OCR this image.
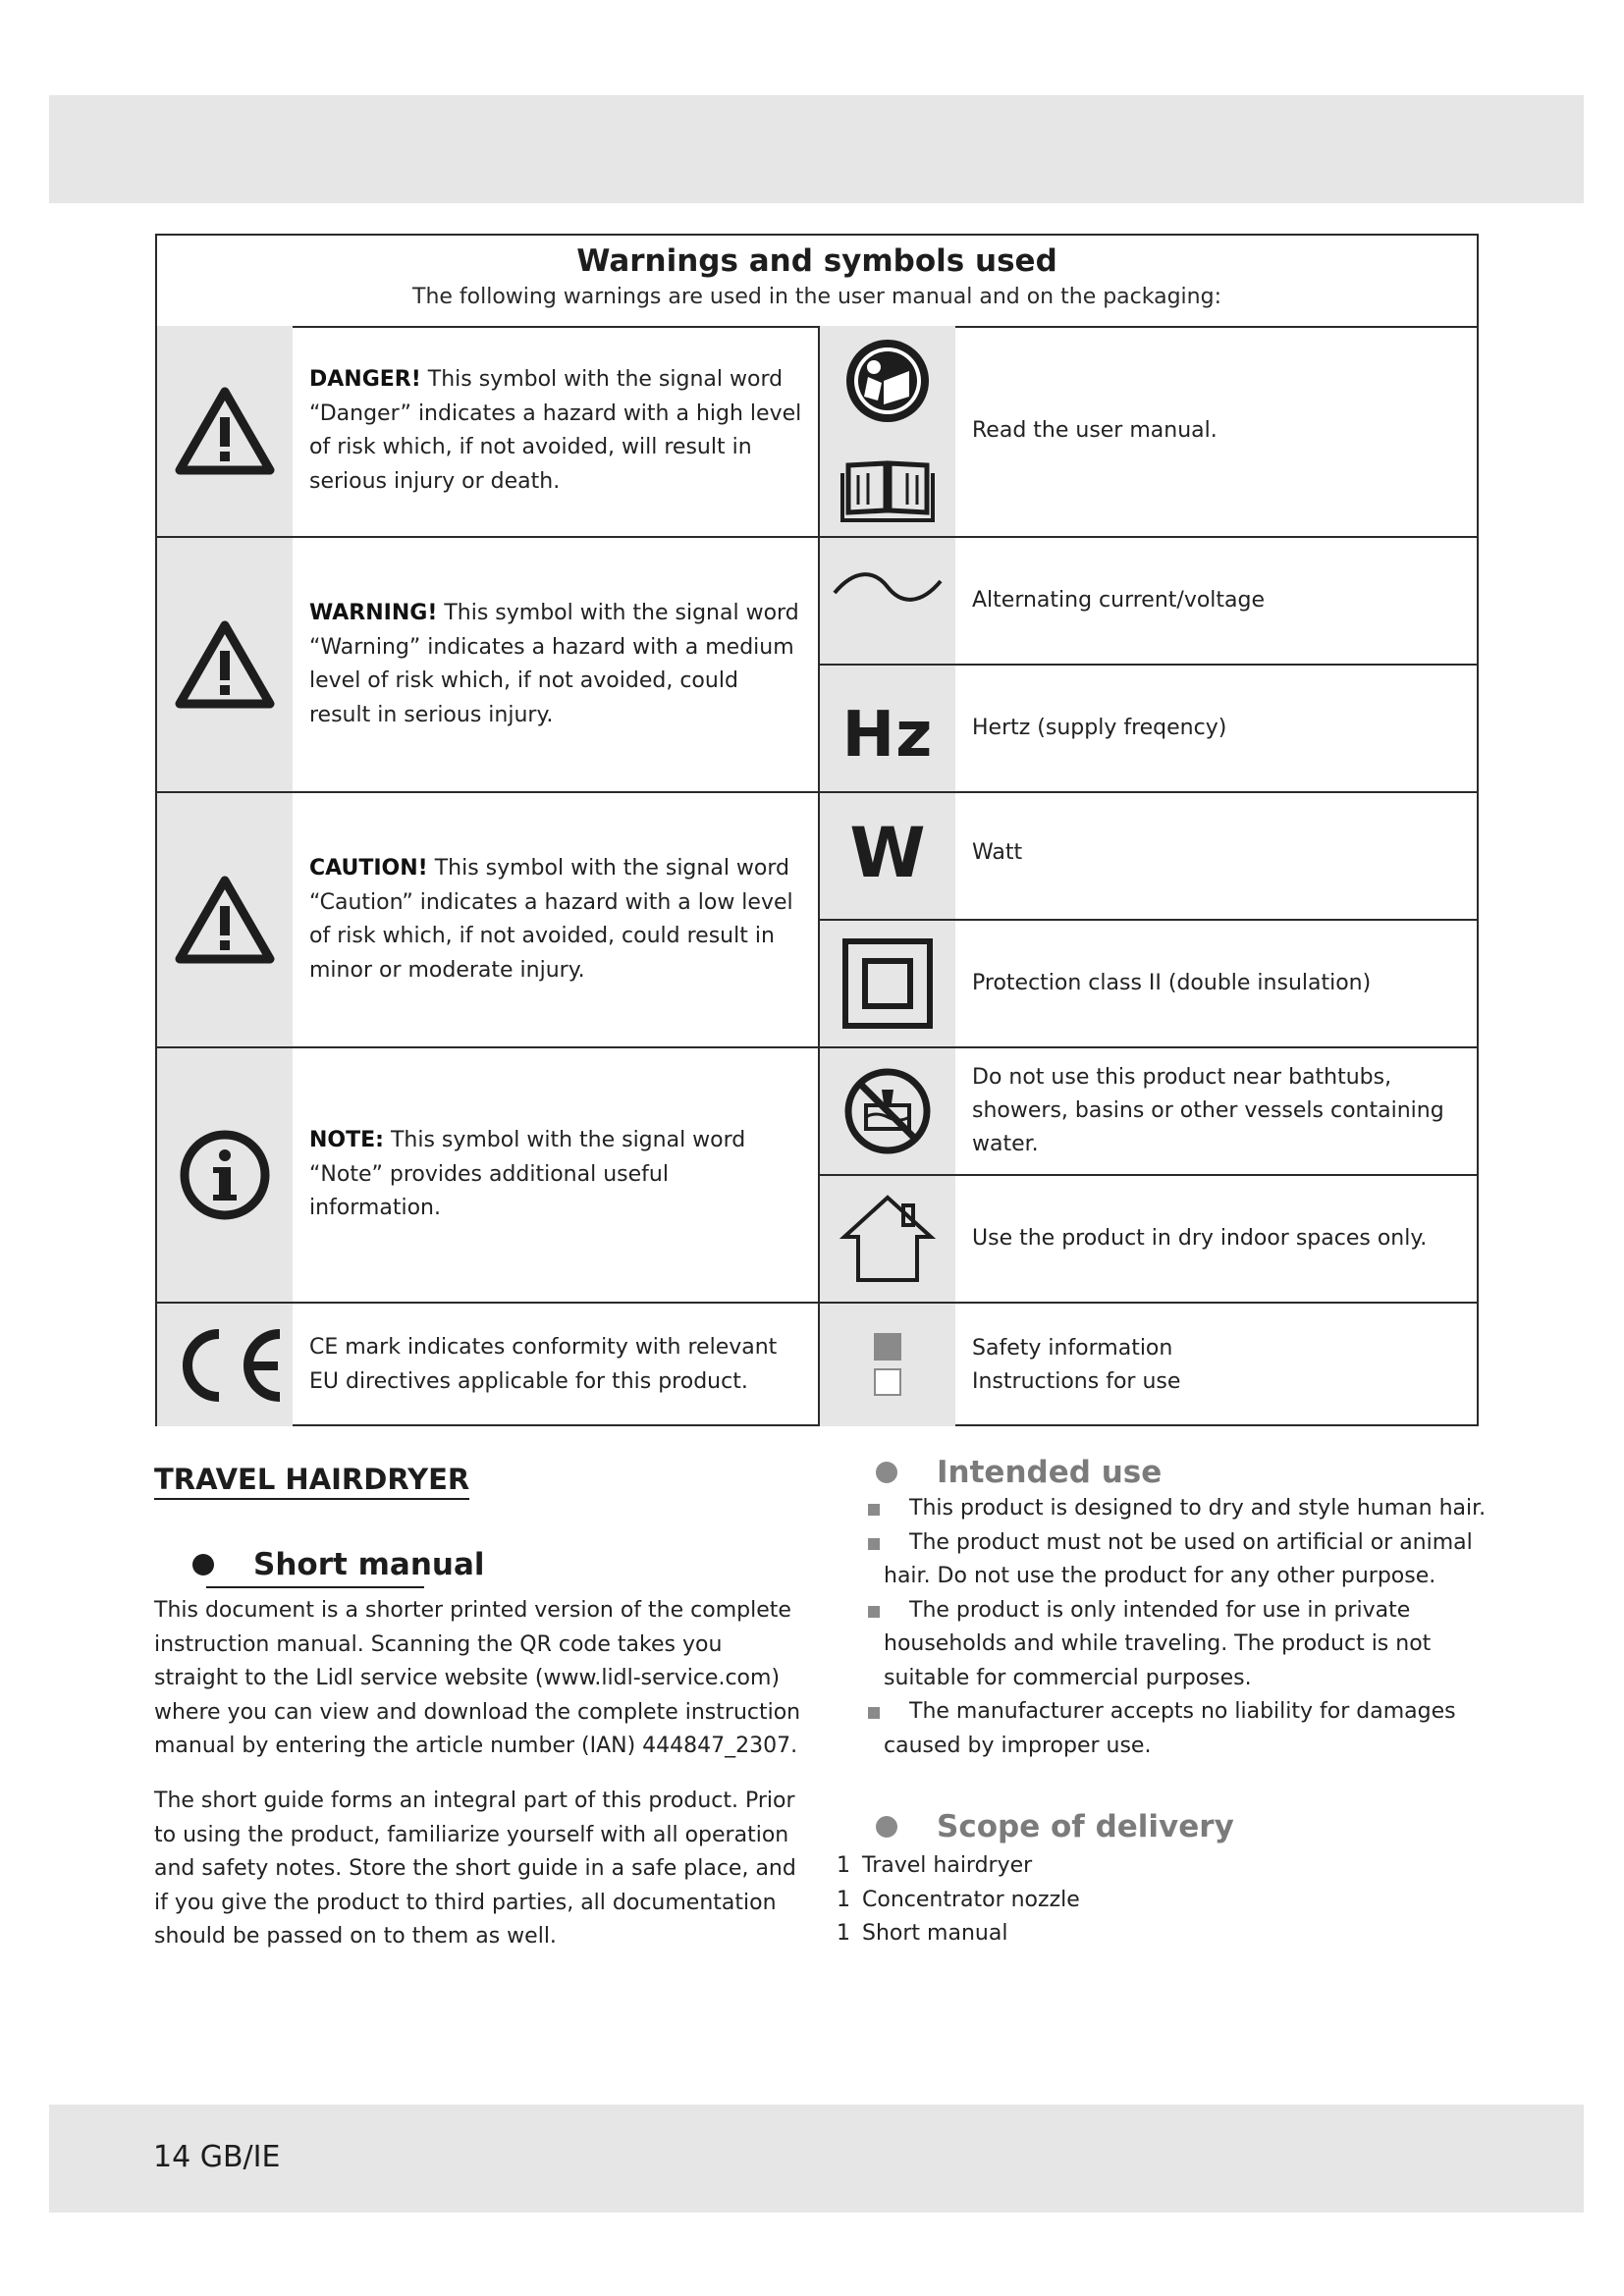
Warnings and symbols used

The following warnings are used in the user manual and on the packaging:

DANGER! This symbol with the signal word “Danger” indicates a hazard with a high level of risk which, if not avoided, will result in serious injury or death.
WARNING! This symbol with the signal word “Warning” indicates a hazard with a medium level of risk which, if not avoided, could result in serious injury.
CAUTION! This symbol with the signal word “Caution” indicates a hazard with a low level of risk which, if not avoided, could result in minor or moderate injury.
NOTE: This symbol with the signal word “Note” provides additional useful information.
CE mark indicates conformity with relevant EU directives applicable for this product.
Read the user manual.
Alternating current/voltage
Hz Hertz (supply freqency)
W Watt
Protection class II (double insulation)
Do not use this product near bathtubs, showers, basins or other vessels containing water.
Use the product in dry indoor spaces only.
Safety information
Instructions for use
TRAVEL HAIRDRYER
Short manual

This document is a shorter printed version of the complete instruction manual. Scanning the QR code takes you straight to the Lidl service website (www.lidl-service.com) where you can view and download the complete instruction manual by entering the article number (IAN) 444847_2307.

The short guide forms an integral part of this product. Prior to using the product, familiarize yourself with all operation and safety notes. Store the short guide in a safe place, and if you give the product to third parties, all documentation should be passed on to them as well.

Intended use
This product is designed to dry and style human hair.
The product must not be used on artificial or animal hair. Do not use the product for any other purpose.
The product is only intended for use in private households and while traveling. The product is not suitable for commercial purposes.
The manufacturer accepts no liability for damages caused by improper use.
Scope of delivery
1 Travel hairdryer
1 Concentrator nozzle
1 Short manual
14 GB/IE
